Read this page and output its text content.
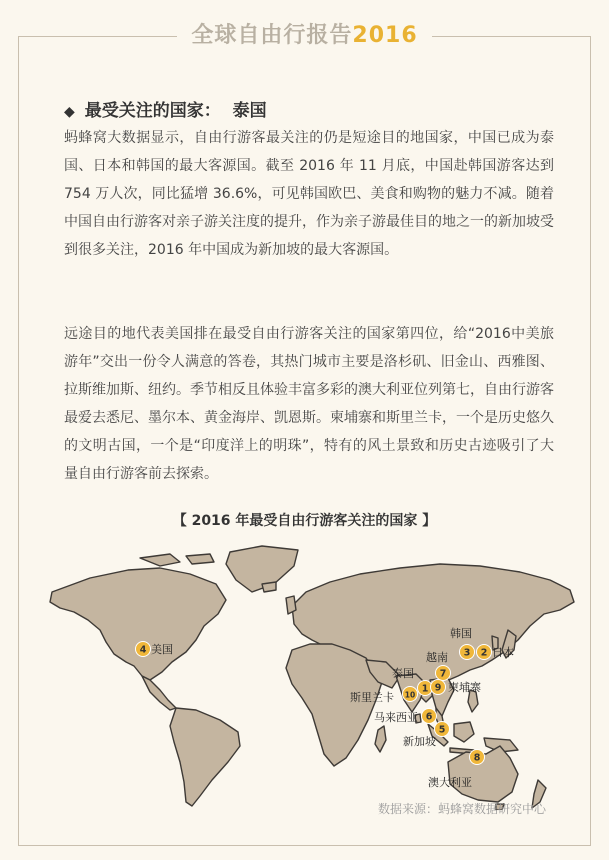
全球自由行报告2016
◆ 最受关注的国家：  泰国

蚂蜂窝大数据显示，自由行游客最关注的仍是短途目的地国家，中国已成为泰国、日本和韩国的最大客源国。截至 2016 年 11 月底，中国赴韩国游客达到 754 万人次，同比猛增 36.6%，可见韩国欧巴、美食和购物的魅力不减。随着中国自由行游客对亲子游关注度的提升，作为亲子游最佳目的地之一的新加坡受到很多关注，2016 年中国成为新加坡的最大客源国。

远途目的地代表美国排在最受自由行游客关注的国家第四位，给“2016中美旅游年”交出一份令人满意的答卷，其热门城市主要是洛杉矶、旧金山、西雅图、拉斯维加斯、纽约。季节相反且体验丰富多彩的澳大利亚位列第七，自由行游客最爱去悉尼、墨尔本、黄金海岸、凯恩斯。柬埔寨和斯里兰卡，一个是历史悠久的文明古国，一个是“印度洋上的明珠”，特有的风土景致和历史古迹吸引了大量自由行游客前去探索。

【 2016 年最受自由行游客关注的国家 】
1
泰国
2 日本
3
韩国
4 美国
5
新加坡
6
马来西亚
7
越南
8
澳大利亚
9 柬埔寨
10
斯里兰卡
数据来源：蚂蜂窝数据研究中心
